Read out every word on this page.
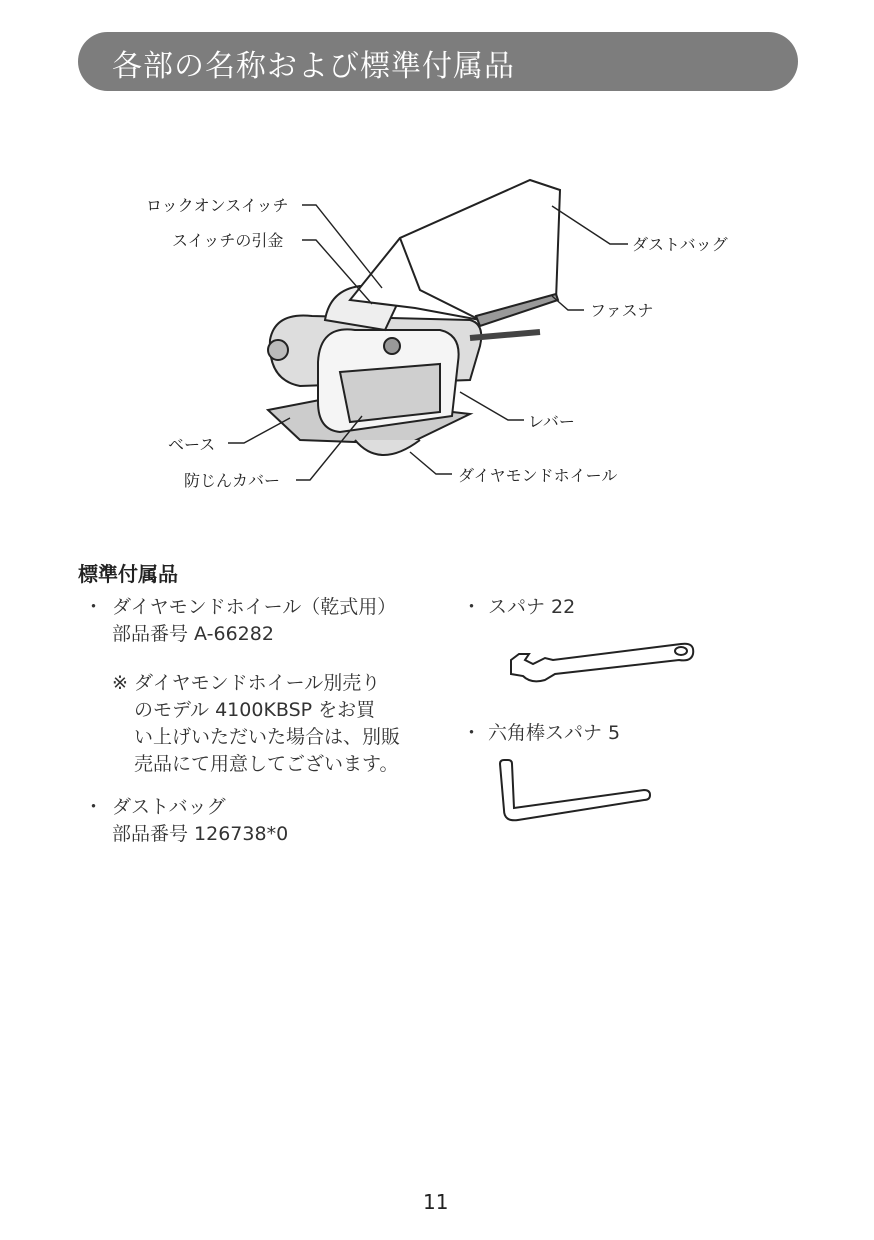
各部の名称および標準付属品
ロックオンスイッチ
スイッチの引金	ダストバッグ
ファスナ
レバー
ベース
防じんカバー	ダイヤモンドホイール
標準付属品
・ ダイヤモンドホイール（乾式用）
部品番号 A-66282
※ ダイヤモンドホイール別売り
のモデル 4100KBSP をお買
い上げいただいた場合は、別販
売品にて用意してございます。
・ ダストバッグ
部品番号 126738*0
・ スパナ 22
・ 六角棒スパナ 5
11
